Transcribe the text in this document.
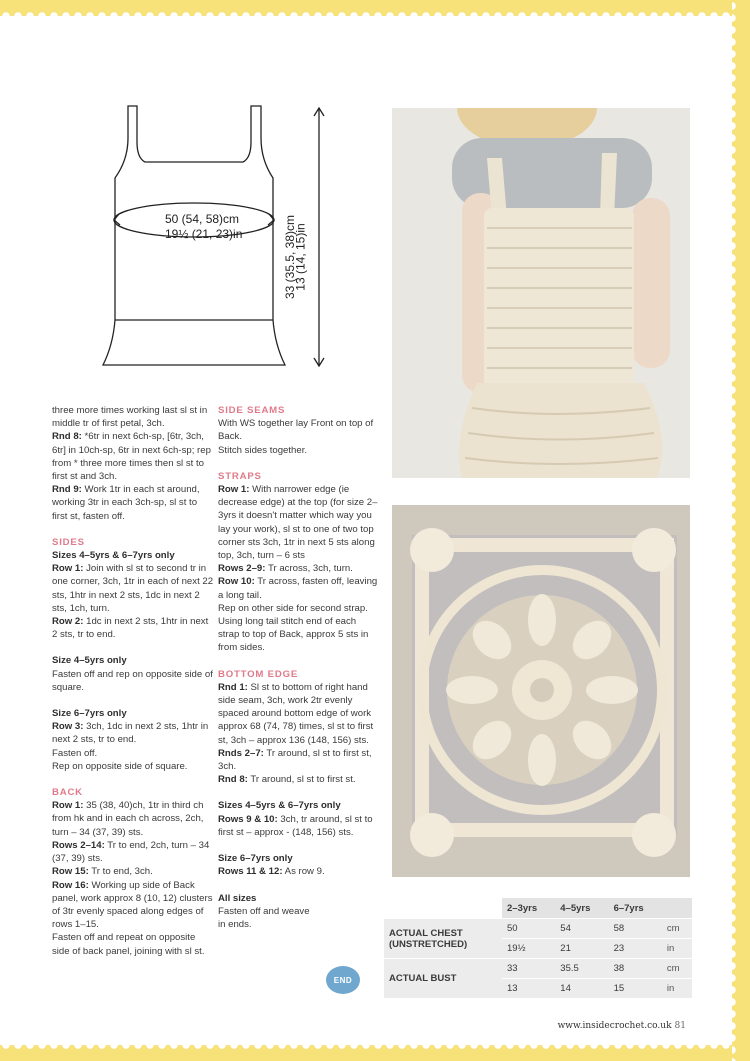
50 (54, 58)cm
19½ (21, 23)in	33 (35.5, 38)cm
13 (14, 15)in

three more times working last sl st in middle tr of first petal, 3ch.

Rnd 8: *6tr in next 6ch-sp, [6tr, 3ch, 6tr] in 10ch-sp, 6tr in next 6ch-sp; rep from * three more times then sl st to first st and 3ch.

Rnd 9: Work 1tr in each st around, working 3tr in each 3ch-sp, sl st to first st, fasten off.

SIDES

Sizes 4–5yrs & 6–7yrs only

Row 1: Join with sl st to second tr in one corner, 3ch, 1tr in each of next 22 sts, 1htr in next 2 sts, 1dc in next 2 sts, 1ch, turn.

Row 2: 1dc in next 2 sts, 1htr in next 2 sts, tr to end.

Size 4–5yrs only

Fasten off and rep on opposite side of square.

Size 6–7yrs only

Row 3: 3ch, 1dc in next 2 sts, 1htr in next 2 sts, tr to end.

Fasten off.

Rep on opposite side of square.

BACK

Row 1: 35 (38, 40)ch, 1tr in third ch from hk and in each ch across, 2ch, turn – 34 (37, 39) sts.

Rows 2–14: Tr to end, 2ch, turn – 34 (37, 39) sts.

Row 15: Tr to end, 3ch.

Row 16: Working up side of Back panel, work approx 8 (10, 12) clusters of 3tr evenly spaced along edges of rows 1–15.

Fasten off and repeat on opposite side of back panel, joining with sl st.

SIDE SEAMS

With WS together lay Front on top of Back.

Stitch sides together.

STRAPS

Row 1: With narrower edge (ie decrease edge) at the top (for size 2–3yrs it doesn't matter which way you lay your work), sl st to one of two top corner sts 3ch, 1tr in next 5 sts along top, 3ch, turn – 6 sts

Rows 2–9: Tr across, 3ch, turn.

Row 10: Tr across, fasten off, leaving a long tail.

Rep on other side for second strap. Using long tail stitch end of each strap to top of Back, approx 5 sts in from sides.

BOTTOM EDGE

Rnd 1: Sl st to bottom of right hand side seam, 3ch, work 2tr evenly spaced around bottom edge of work approx 68 (74, 78) times, sl st to first st, 3ch – approx 136 (148, 156) sts.

Rnds 2–7: Tr around, sl st to first st, 3ch.

Rnd 8: Tr around, sl st to first st.

Sizes 4–5yrs & 6–7yrs only

Rows 9 & 10: 3ch, tr around, sl st to first st – approx - (148, 156) sts.

Size 6–7yrs only

Rows 11 & 12: As row 9.

All sizes

Fasten off and weave in ends.

END
	2–3yrs	4–5yrs	6–7yrs	
ACTUAL CHEST (UNSTRETCHED)	50	54	58	cm
	19½	21	23	in
ACTUAL BUST	33	35.5	38	cm
	13	14	15	in
www.insidecrochet.co.uk 81
